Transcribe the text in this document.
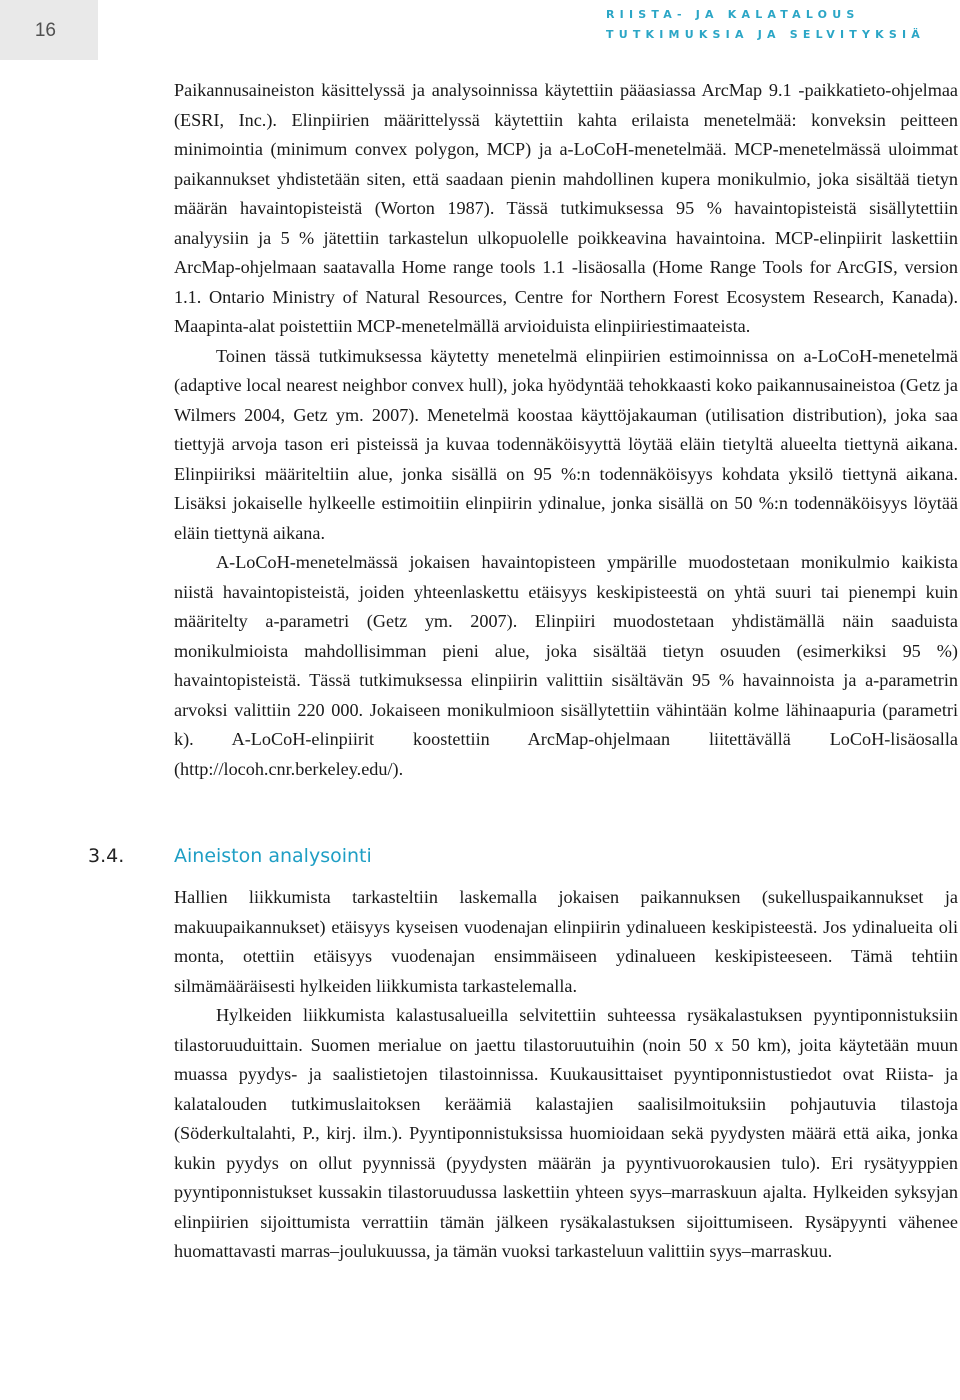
16
RIISTA- JA KALATALOUS
TUTKIMUKSIA JA SELVITYKSIÄ

Paikannusaineiston käsittelyssä ja analysoinnissa käytettiin pääasiassa ArcMap 9.1 -paikkatieto-ohjelmaa (ESRI, Inc.). Elinpiirien määrittelyssä käytettiin kahta erilaista menetelmää: konveksin peitteen minimointia (minimum convex polygon, MCP) ja a-LoCoH-menetelmää. MCP-menetelmässä uloimmat paikannukset yhdistetään siten, että saadaan pienin mahdollinen kupera monikulmio, joka sisältää tietyn määrän havaintopisteistä (Worton 1987). Tässä tutkimuksessa 95 % havaintopisteistä sisällytettiin analyysiin ja 5 % jätettiin tarkastelun ulkopuolelle poikkeavina havaintoina. MCP-elinpiirit laskettiin ArcMap-ohjelmaan saatavalla Home range tools 1.1 -lisäosalla (Home Range Tools for ArcGIS, version 1.1. Ontario Ministry of Natural Resources, Centre for Northern Forest Ecosystem Research, Kanada). Maapinta-alat poistettiin MCP-menetelmällä arvioiduista elinpiiriestimaateista.

Toinen tässä tutkimuksessa käytetty menetelmä elinpiirien estimoinnissa on a-LoCoH-menetelmä (adaptive local nearest neighbor convex hull), joka hyödyntää tehokkaasti koko paikannusaineistoa (Getz ja Wilmers 2004, Getz ym. 2007). Menetelmä koostaa käyttöjakauman (utilisation distribution), joka saa tiettyjä arvoja tason eri pisteissä ja kuvaa todennäköisyyttä löytää eläin tietyltä alueelta tiettynä aikana. Elinpiiriksi määriteltiin alue, jonka sisällä on 95 %:n todennäköisyys kohdata yksilö tiettynä aikana. Lisäksi jokaiselle hylkeelle estimoitiin elinpiirin ydinalue, jonka sisällä on 50 %:n todennäköisyys löytää eläin tiettynä aikana.

A-LoCoH-menetelmässä jokaisen havaintopisteen ympärille muodostetaan monikulmio kaikista niistä havaintopisteistä, joiden yhteenlaskettu etäisyys keskipisteestä on yhtä suuri tai pienempi kuin määritelty a-parametri (Getz ym. 2007). Elinpiiri muodostetaan yhdistämällä näin saaduista monikulmioista mahdollisimman pieni alue, joka sisältää tietyn osuuden (esimerkiksi 95 %) havaintopisteistä. Tässä tutkimuksessa elinpiirin valittiin sisältävän 95 % havainnoista ja a-parametrin arvoksi valittiin 220 000. Jokaiseen monikulmioon sisällytettiin vähintään kolme lähinaapuria (parametri k). A-LoCoH-elinpiirit koostettiin ArcMap-ohjelmaan liitettävällä LoCoH-lisäosalla (http://locoh.cnr.berkeley.edu/).

3.4.	Aineiston analysointi

Hallien liikkumista tarkasteltiin laskemalla jokaisen paikannuksen (sukelluspaikannukset ja makuupaikannukset) etäisyys kyseisen vuodenajan elinpiirin ydinalueen keskipisteestä. Jos ydinalueita oli monta, otettiin etäisyys vuodenajan ensimmäiseen ydinalueen keskipisteeseen. Tämä tehtiin silmämääräisesti hylkeiden liikkumista tarkastelemalla.

Hylkeiden liikkumista kalastusalueilla selvitettiin suhteessa rysäkalastuksen pyyntiponnistuksiin tilastoruuduittain. Suomen merialue on jaettu tilastoruutuihin (noin 50 x 50 km), joita käytetään muun muassa pyydys- ja saalistietojen tilastoinnissa. Kuukausittaiset pyyntiponnistustiedot ovat Riista- ja kalatalouden tutkimuslaitoksen keräämiä kalastajien saalisilmoituksiin pohjautuvia tilastoja (Söderkultalahti, P., kirj. ilm.). Pyyntiponnistuksissa huomioidaan sekä pyydysten määrä että aika, jonka kukin pyydys on ollut pyynnissä (pyydysten määrän ja pyyntivuorokausien tulo). Eri rysätyyppien pyyntiponnistukset kussakin tilastoruudussa laskettiin yhteen syys–marraskuun ajalta. Hylkeiden syksyjan elinpiirien sijoittumista verrattiin tämän jälkeen rysäkalastuksen sijoittumiseen. Rysäpyynti vähenee huomattavasti marras–joulukuussa, ja tämän vuoksi tarkasteluun valittiin syys–marraskuu.
